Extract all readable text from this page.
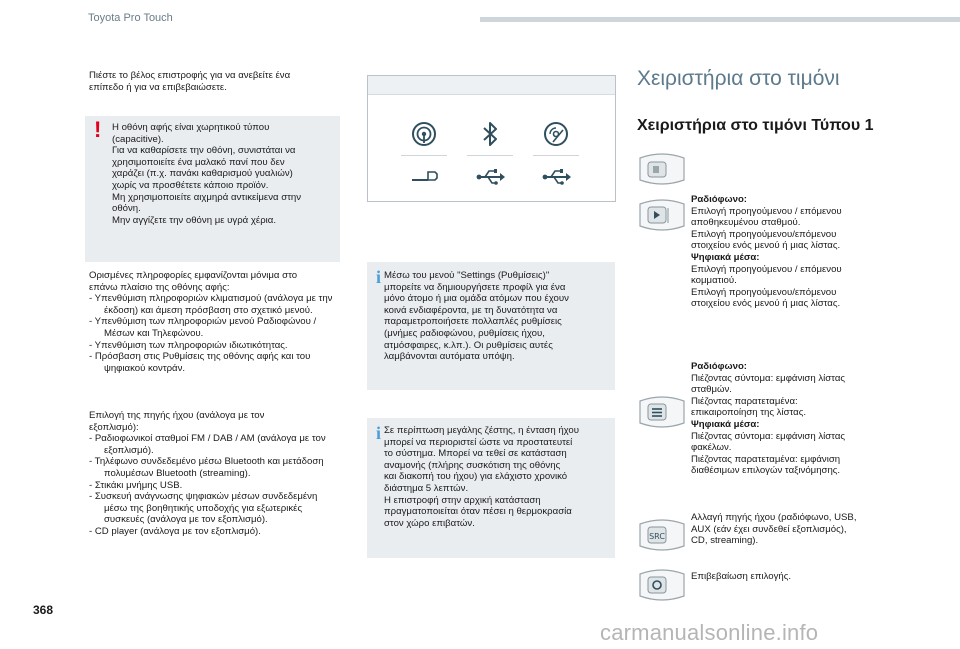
Toyota Pro Touch
Πιέστε το βέλος επιστροφής για να ανεβείτε ένα
επίπεδο ή για να επιβεβαιώσετε.
! Η οθόνη αφής είναι χωρητικού τύπου
(capacitive).
Για να καθαρίσετε την οθόνη, συνιστάται να
χρησιμοποιείτε ένα μαλακό πανί που δεν
χαράζει (π.χ. πανάκι καθαρισμού γυαλιών)
χωρίς να προσθέτετε κάποιο προϊόν.
Μη χρησιμοποιείτε αιχμηρά αντικείμενα στην
οθόνη.
Μην αγγίζετε την οθόνη με υγρά χέρια.
Ορισμένες πληροφορίες εμφανίζονται μόνιμα στο
επάνω πλαίσιο της οθόνης αφής:
- Υπενθύμιση πληροφοριών κλιματισμού (ανάλογα με την έκδοση) και άμεση πρόσβαση στο σχετικό μενού.
- Υπενθύμιση των πληροφοριών μενού Ραδιοφώνου / Μέσων και Τηλεφώνου.
- Υπενθύμιση των πληροφοριών ιδιωτικότητας.
- Πρόσβαση στις Ρυθμίσεις της οθόνης αφής και του ψηφιακού κοντράν.
Επιλογή της πηγής ήχου (ανάλογα με τον
εξοπλισμό):
- Ραδιοφωνικοί σταθμοί FM / DAB / AM (ανάλογα με τον εξοπλισμό).
- Τηλέφωνο συνδεδεμένο μέσω Bluetooth και μετάδοση πολυμέσων Bluetooth (streaming).
- Στικάκι μνήμης USB.
- Συσκευή ανάγνωσης ψηφιακών μέσων συνδεδεμένη μέσω της βοηθητικής υποδοχής για εξωτερικές συσκευές (ανάλογα με τον εξοπλισμό).
- CD player (ανάλογα με τον εξοπλισμό).
i Μέσω του μενού "Settings (Ρυθμίσεις)"
μπορείτε να δημιουργήσετε προφίλ για ένα
μόνο άτομο ή μια ομάδα ατόμων που έχουν
κοινά ενδιαφέροντα, με τη δυνατότητα να
παραμετροποιήσετε πολλαπλές ρυθμίσεις
(μνήμες ραδιοφώνου, ρυθμίσεις ήχου,
ατμόσφαιρες, κ.λπ.). Οι ρυθμίσεις αυτές
λαμβάνονται αυτόματα υπόψη.
i Σε περίπτωση μεγάλης ζέστης, η ένταση ήχου
μπορεί να περιοριστεί ώστε να προστατευτεί
το σύστημα. Μπορεί να τεθεί σε κατάσταση
αναμονής (πλήρης συσκότιση της οθόνης
και διακοπή του ήχου) για ελάχιστο χρονικό
διάστημα 5 λεπτών.
Η επιστροφή στην αρχική κατάσταση
πραγματοποιείται όταν πέσει η θερμοκρασία
στον χώρο επιβατών.
Χειριστήρια στο τιμόνι
Χειριστήρια στο τιμόνι Τύπου 1
Ραδιόφωνο:
Επιλογή προηγούμενου / επόμενου
αποθηκευμένου σταθμού.
Επιλογή προηγούμενου/επόμενου
στοιχείου ενός μενού ή μιας λίστας.
Ψηφιακά μέσα:
Επιλογή προηγούμενου / επόμενου
κομματιού.
Επιλογή προηγούμενου/επόμενου
στοιχείου ενός μενού ή μιας λίστας.
Ραδιόφωνο:
Πιέζοντας σύντομα: εμφάνιση λίστας
σταθμών.
Πιέζοντας παρατεταμένα:
επικαιροποίηση της λίστας.
Ψηφιακά μέσα:
Πιέζοντας σύντομα: εμφάνιση λίστας
φακέλων.
Πιέζοντας παρατεταμένα: εμφάνιση
διαθέσιμων επιλογών ταξινόμησης.
SRC
Αλλαγή πηγής ήχου (ραδιόφωνο, USB,
AUX (εάν έχει συνδεθεί εξοπλισμός),
CD, streaming).
Επιβεβαίωση επιλογής.
368
carmanualsonline.info
